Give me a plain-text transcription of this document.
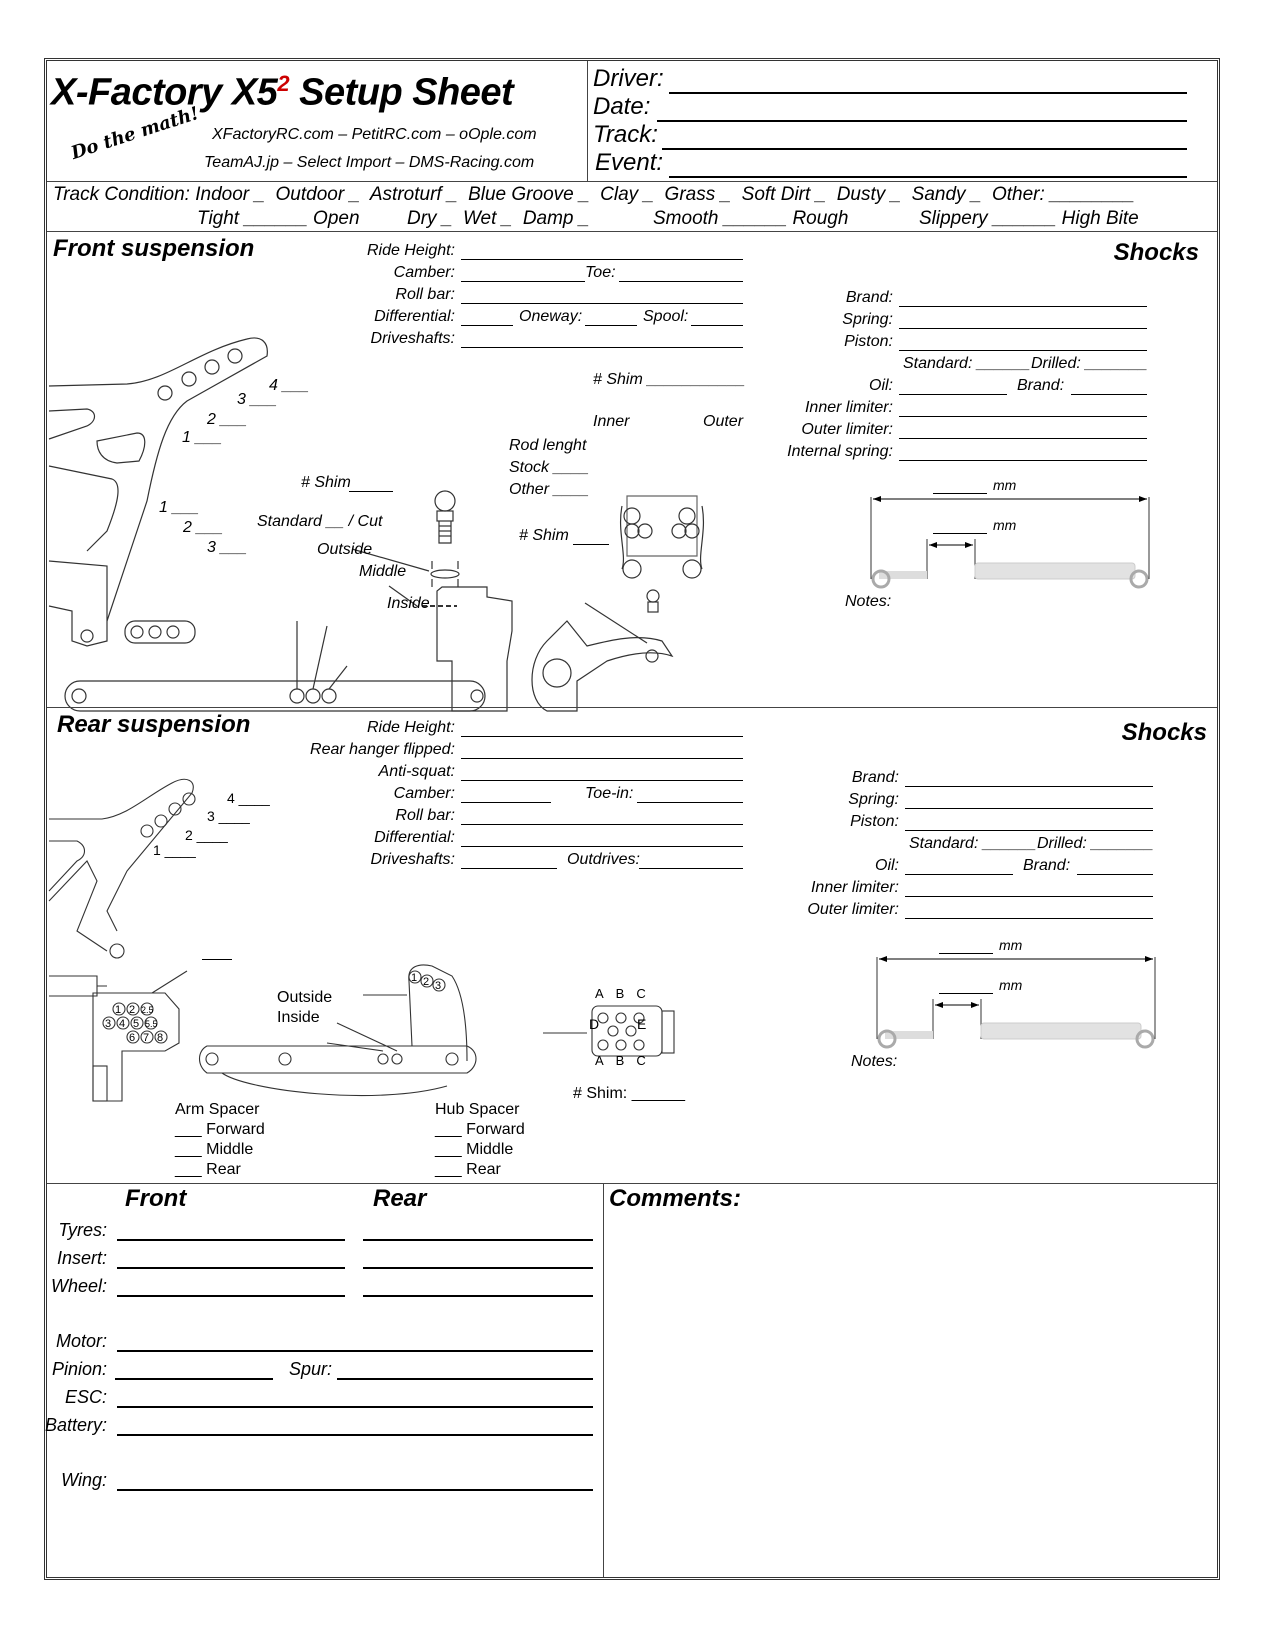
X-Factory $X5^2$ Setup Sheet
Do the math! XFactoryRC.com – PetitRC.com – oOple.com
TeamAJ.jp – Select Import – DMS-Racing.com
Driver:
Date:
Track:
Event:
Track Condition: Indoor _ Outdoor _ Astroturf _ Blue Groove _ Clay _ Grass _ Soft Dirt _ Dusty _ Sandy _ Other: ________
Tight ______ Open Dry _ Wet _ Damp _	Smooth ______ Rough	Slippery ______ High Bite
Front suspension	Ride Height:
Camber:	Toe:
Roll bar:
Differential:	Oneway:	Spool:
Driveshafts:
4 ___
3 ___
2 ___
1 ___
1 ___
2 ___
3 ___
# Shim
Standard __ / Cut
Outside
Middle
Inside
# Shim ___________
Inner	Outer
Rod lenght
Stock ____
Other ____
# Shim
Shocks
Brand:
Spring:
Piston:
Standard: ______ Drilled: _______
Oil:	Brand:
Inner limiter:
Outer limiter:
Internal spring:
mm
mm
Notes:
Rear suspension	Ride Height:
Rear hanger flipped:
Anti-squat:
Camber:	Toe-in:
Roll bar:
Differential:
Driveshafts:	Outdrives:
1 2 2.5
3 4 5 5.5
6 7 8
1 2 3
4 ____
3 ____
2 ____
1 ____
Outside
Inside
ABC
D	E
ABC
# Shim: ______
Arm Spacer
___ Forward
___ Middle
___ Rear
Hub Spacer
___ Forward
___ Middle
___ Rear
Shocks
Brand:
Spring:
Piston:
Standard: ______ Drilled: _______
Oil:	Brand:
Inner limiter:
Outer limiter:
mm
mm
Notes:
Front	Rear	Comments:
Tyres:
Insert:
Wheel:
Motor:
Pinion:	Spur:
ESC:
Battery:
Wing:
